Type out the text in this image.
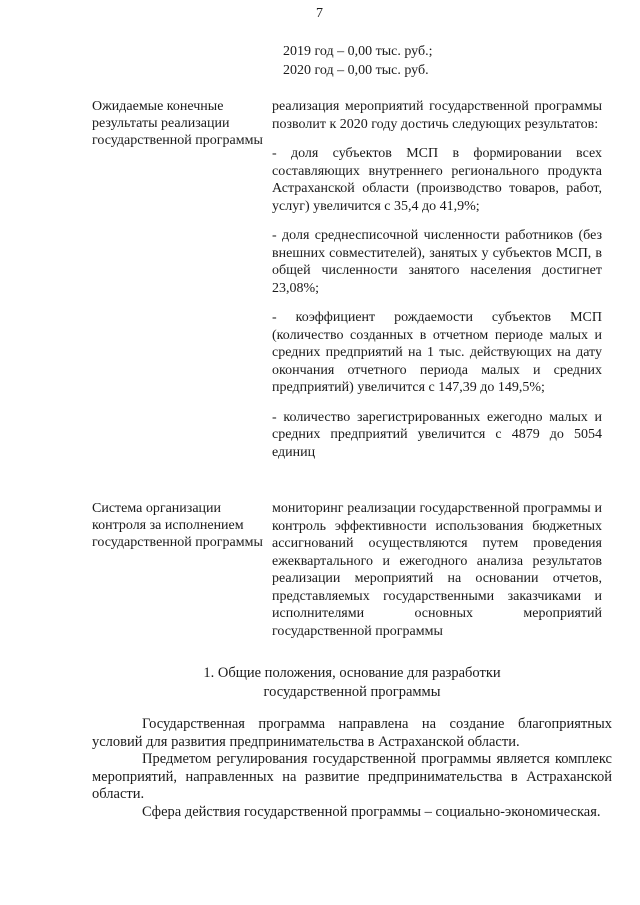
7
2019 год – 0,00 тыс. руб.;
2020 год – 0,00 тыс. руб.
Ожидаемые конечные результаты реализации государственной программы

реализация мероприятий государственной программы позволит к 2020 году достичь следующих результатов:

- доля субъектов МСП в формировании всех составляющих внутреннего регионального продукта Астраханской области (производство товаров, работ, услуг) увеличится с 35,4 до 41,9%;

- доля среднесписочной численности работников (без внешних совместителей), занятых у субъектов МСП, в общей численности занятого населения достигнет 23,08%;

- коэффициент рождаемости субъектов МСП (количество созданных в отчетном периоде малых и средних предприятий на 1 тыс. действующих на дату окончания отчетного периода малых и средних предприятий) увеличится с 147,39 до 149,5%;

- количество зарегистрированных ежегодно малых и средних предприятий увеличится с 4879 до 5054 единиц

Система организации контроля за исполнением государственной программы

мониторинг реализации государственной программы и контроль эффективности использования бюджетных ассигнований осуществляются путем проведения ежеквартального и ежегодного анализа результатов реализации мероприятий на основании отчетов, представляемых государственными заказчиками и исполнителями основных мероприятий государственной программы

1. Общие положения, основание для разработки
государственной программы

Государственная программа направлена на создание благоприятных условий для развития предпринимательства в Астраханской области.

Предметом регулирования государственной программы является комплекс мероприятий, направленных на развитие предпринимательства в Астраханской области.

Сфера действия государственной программы – социально-экономическая.
